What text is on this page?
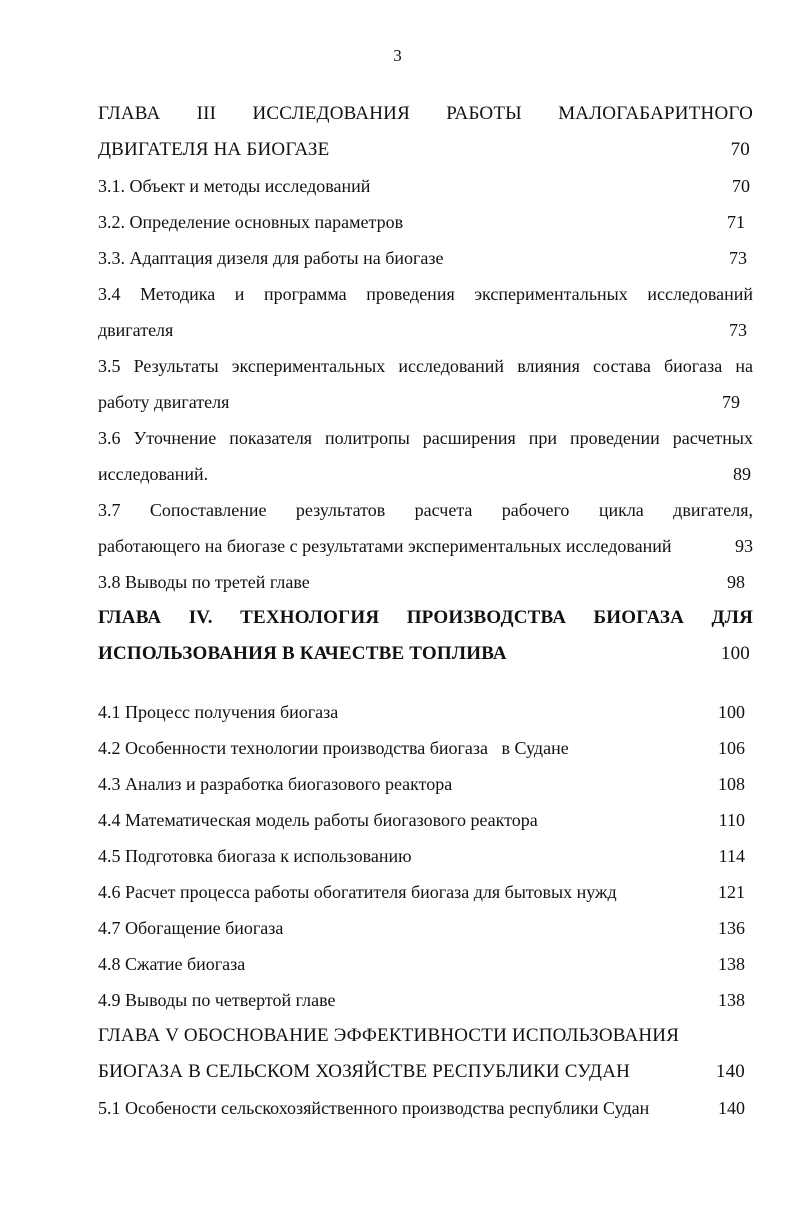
3
ГЛАВА III ИССЛЕДОВАНИЯ РАБОТЫ МАЛОГАБАРИТНОГО
ДВИГАТЕЛЯ НА БИОГАЗЕ	70
3.1. Объект и методы исследований	70
3.2. Определение основных параметров	71
3.3. Адаптация дизеля для работы на биогазе	73
3.4 Методика и программа проведения экспериментальных исследований
двигателя	73
3.5 Результаты экспериментальных исследований влияния состава биогаза на
работу двигателя	79
3.6 Уточнение показателя политропы расширения при проведении расчетных
исследований.	89
3.7 Сопоставление результатов расчета рабочего цикла двигателя,
работающего на биогазе с результатами экспериментальных исследований	93
3.8 Выводы по третей главе	98
ГЛАВА IV. ТЕХНОЛОГИЯ ПРОИЗВОДСТВА БИОГАЗА ДЛЯ
ИСПОЛЬЗОВАНИЯ В КАЧЕСТВЕ ТОПЛИВА	100
4.1 Процесс получения биогаза	100
4.2 Особенности технологии производства биогаза   в Судане	106
4.3 Анализ и разработка биогазового реактора	108
4.4 Математическая модель работы биогазового реактора	110
4.5 Подготовка биогаза к использованию	114
4.6 Расчет процесса работы обогатителя биогаза для бытовых нужд	121
4.7 Обогащение биогаза	136
4.8 Сжатие биогаза	138
4.9 Выводы по четвертой главе	138
ГЛАВА V ОБОСНОВАНИЕ ЭФФЕКТИВНОСТИ ИСПОЛЬЗОВАНИЯ
БИОГАЗА В СЕЛЬСКОМ ХОЗЯЙСТВЕ РЕСПУБЛИКИ СУДАН	140
5.1 Особености сельскохозяйственного производства республики Судан	140
